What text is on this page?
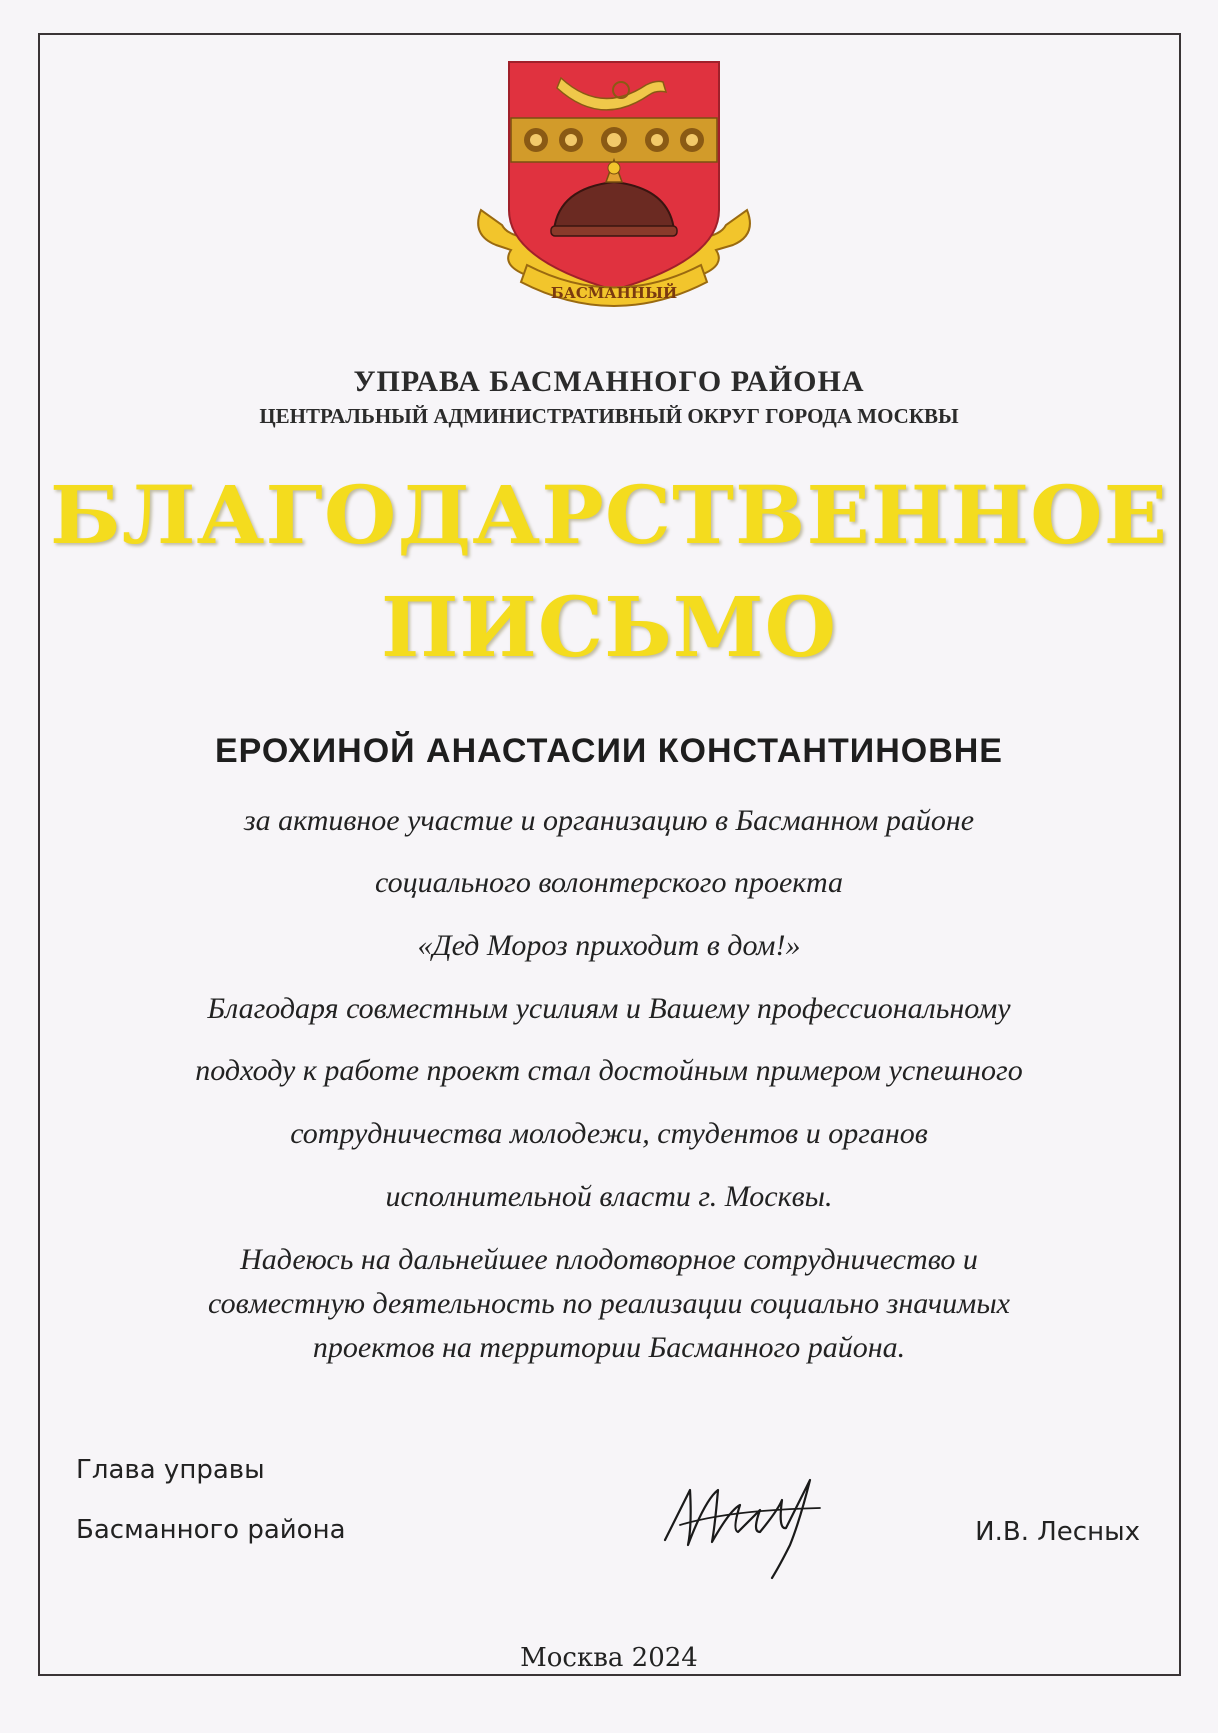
БАСМАННЫЙ
УПРАВА БАСМАННОГО РАЙОНА
ЦЕНТРАЛЬНЫЙ АДМИНИСТРАТИВНЫЙ ОКРУГ ГОРОДА МОСКВЫ
БЛАГОДАРСТВЕННОЕ
ПИСЬМО
ЕРОХИНОЙ АНАСТАСИИ КОНСТАНТИНОВНЕ
за активное участие и организацию в Басманном районе
социального волонтерского проекта
«Дед Мороз приходит в дом!»
Благодаря совместным усилиям и Вашему профессиональному
подходу к работе проект стал достойным примером успешного
сотрудничества молодежи, студентов и органов
исполнительной власти г. Москвы.
Надеюсь на дальнейшее плодотворное сотрудничество и
совместную деятельность по реализации социально значимых
проектов на территории Басманного района.
Глава управы
Басманного района	И.В. Лесных
Москва 2024
